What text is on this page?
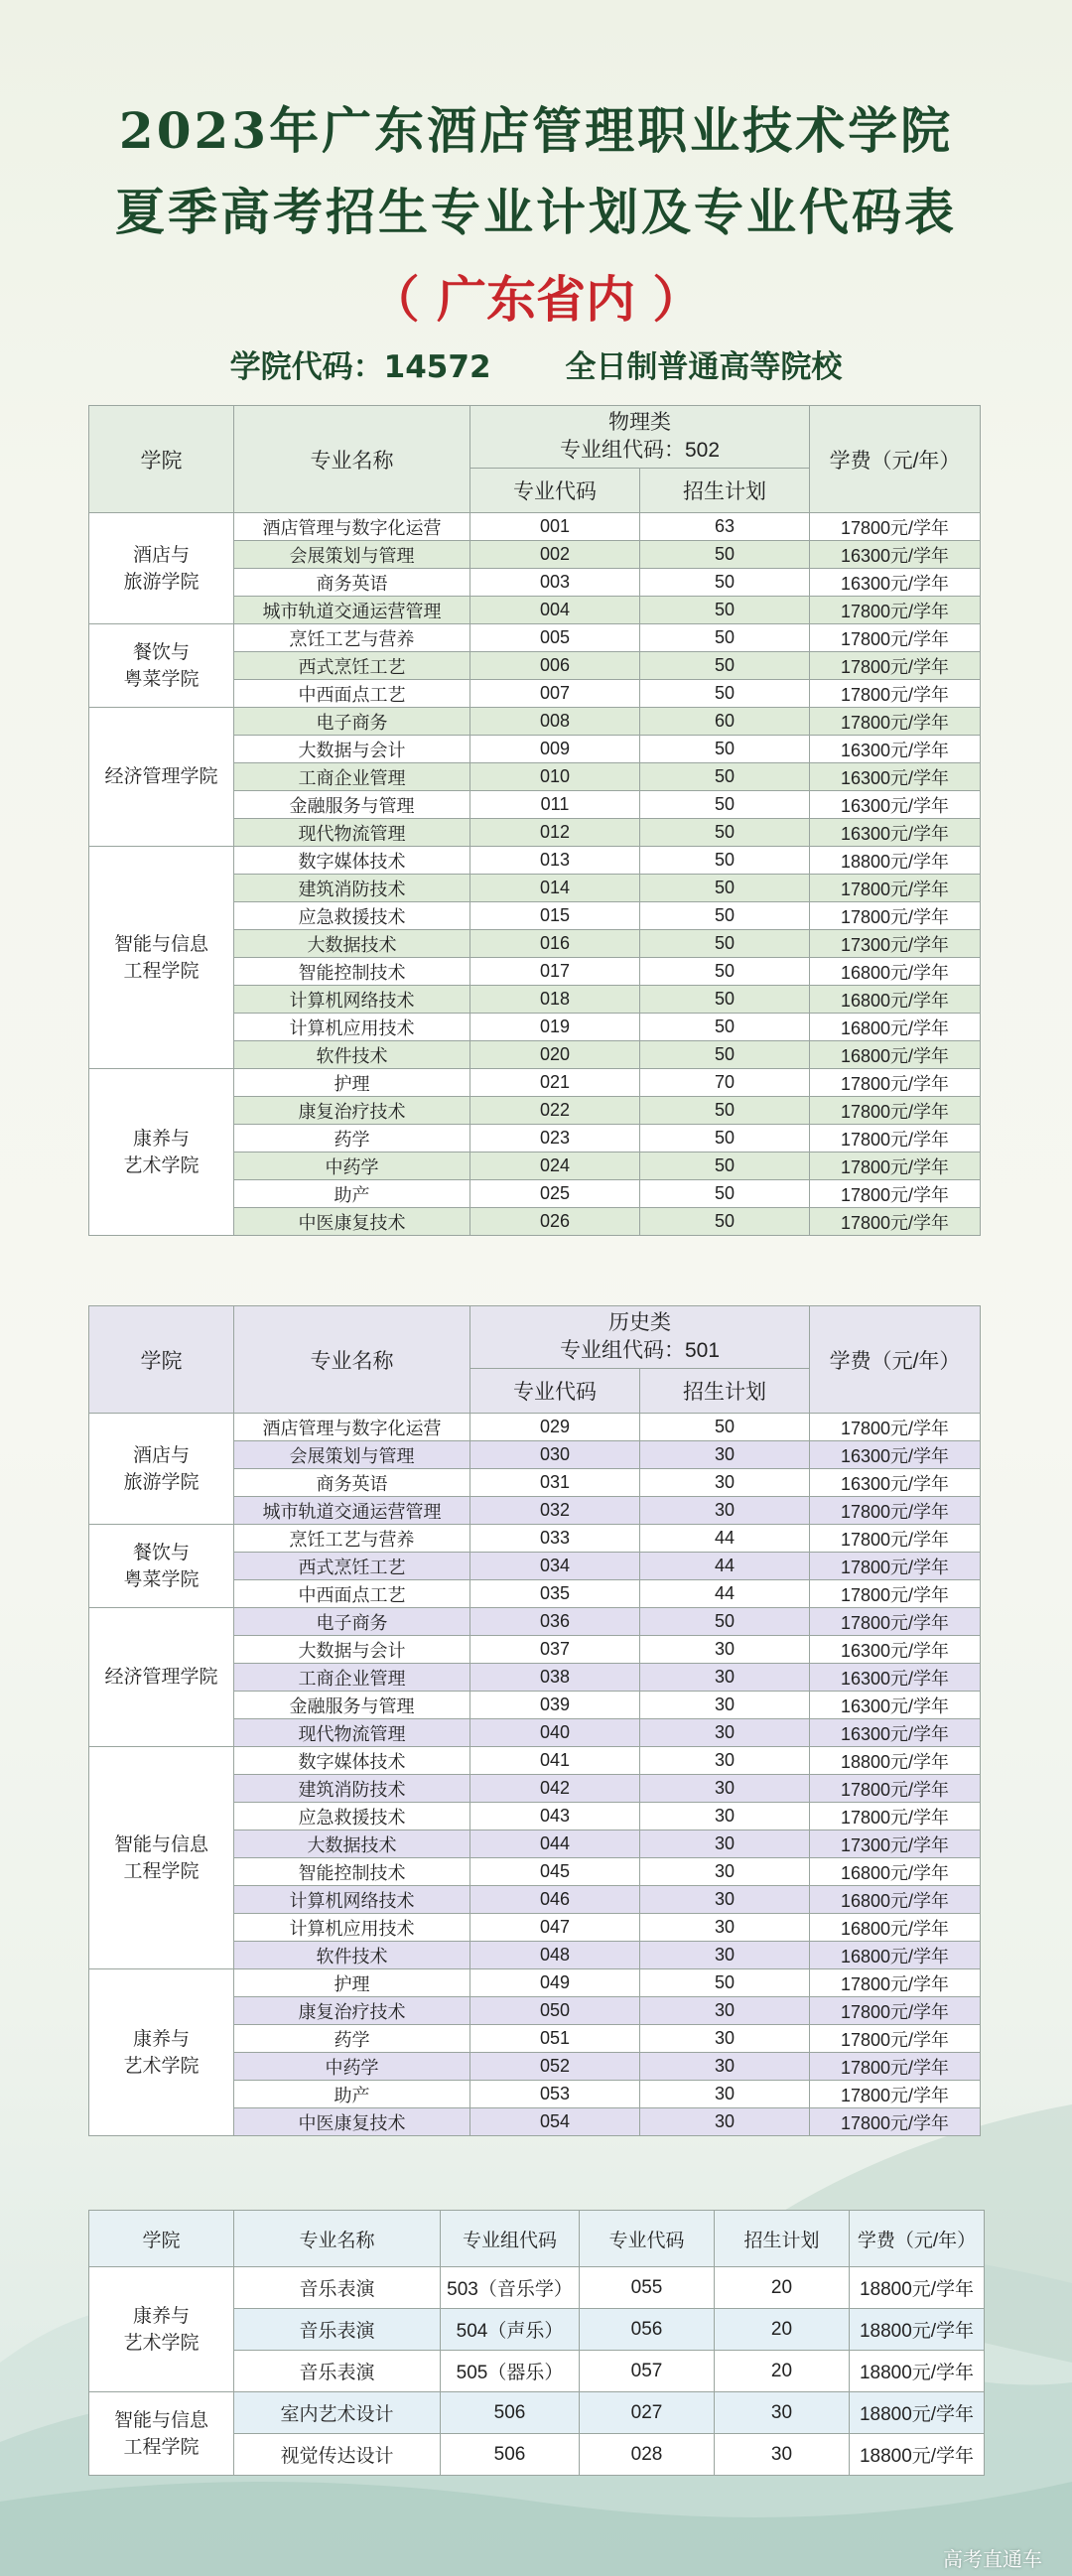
2023年广东酒店管理职业技术学院
夏季高考招生专业计划及专业代码表
（ 广东省内 ）
学院代码：14572 全日制普通高等院校
学院	专业名称	物理类
专业组代码：502		学费（元/年）
		专业代码	招生计划	
酒店与
旅游学院	酒店管理与数字化运营	001	63	17800元/学年
	会展策划与管理	002	50	16300元/学年
	商务英语	003	50	16300元/学年
	城市轨道交通运营管理	004	50	17800元/学年
餐饮与
粤菜学院	烹饪工艺与营养	005	50	17800元/学年
	西式烹饪工艺	006	50	17800元/学年
	中西面点工艺	007	50	17800元/学年
经济管理学院	电子商务	008	60	17800元/学年
	大数据与会计	009	50	16300元/学年
	工商企业管理	010	50	16300元/学年
	金融服务与管理	011	50	16300元/学年
	现代物流管理	012	50	16300元/学年
智能与信息
工程学院	数字媒体技术	013	50	18800元/学年
	建筑消防技术	014	50	17800元/学年
	应急救援技术	015	50	17800元/学年
	大数据技术	016	50	17300元/学年
	智能控制技术	017	50	16800元/学年
	计算机网络技术	018	50	16800元/学年
	计算机应用技术	019	50	16800元/学年
	软件技术	020	50	16800元/学年
康养与
艺术学院	护理	021	70	17800元/学年
	康复治疗技术	022	50	17800元/学年
	药学	023	50	17800元/学年
	中药学	024	50	17800元/学年
	助产	025	50	17800元/学年
	中医康复技术	026	50	17800元/学年
学院	专业名称	历史类
专业组代码：501		学费（元/年）
		专业代码	招生计划	
酒店与
旅游学院	酒店管理与数字化运营	029	50	17800元/学年
	会展策划与管理	030	30	16300元/学年
	商务英语	031	30	16300元/学年
	城市轨道交通运营管理	032	30	17800元/学年
餐饮与
粤菜学院	烹饪工艺与营养	033	44	17800元/学年
	西式烹饪工艺	034	44	17800元/学年
	中西面点工艺	035	44	17800元/学年
经济管理学院	电子商务	036	50	17800元/学年
	大数据与会计	037	30	16300元/学年
	工商企业管理	038	30	16300元/学年
	金融服务与管理	039	30	16300元/学年
	现代物流管理	040	30	16300元/学年
智能与信息
工程学院	数字媒体技术	041	30	18800元/学年
	建筑消防技术	042	30	17800元/学年
	应急救援技术	043	30	17800元/学年
	大数据技术	044	30	17300元/学年
	智能控制技术	045	30	16800元/学年
	计算机网络技术	046	30	16800元/学年
	计算机应用技术	047	30	16800元/学年
	软件技术	048	30	16800元/学年
康养与
艺术学院	护理	049	50	17800元/学年
	康复治疗技术	050	30	17800元/学年
	药学	051	30	17800元/学年
	中药学	052	30	17800元/学年
	助产	053	30	17800元/学年
	中医康复技术	054	30	17800元/学年
学院	专业名称	专业组代码	专业代码	招生计划	学费（元/年）
康养与
艺术学院	音乐表演	503（音乐学）	055	20	18800元/学年
	音乐表演	504（声乐）	056	20	18800元/学年
	音乐表演	505（器乐）	057	20	18800元/学年
智能与信息
工程学院	室内艺术设计	506	027	30	18800元/学年
	视觉传达设计	506	028	30	18800元/学年
高考直通车
